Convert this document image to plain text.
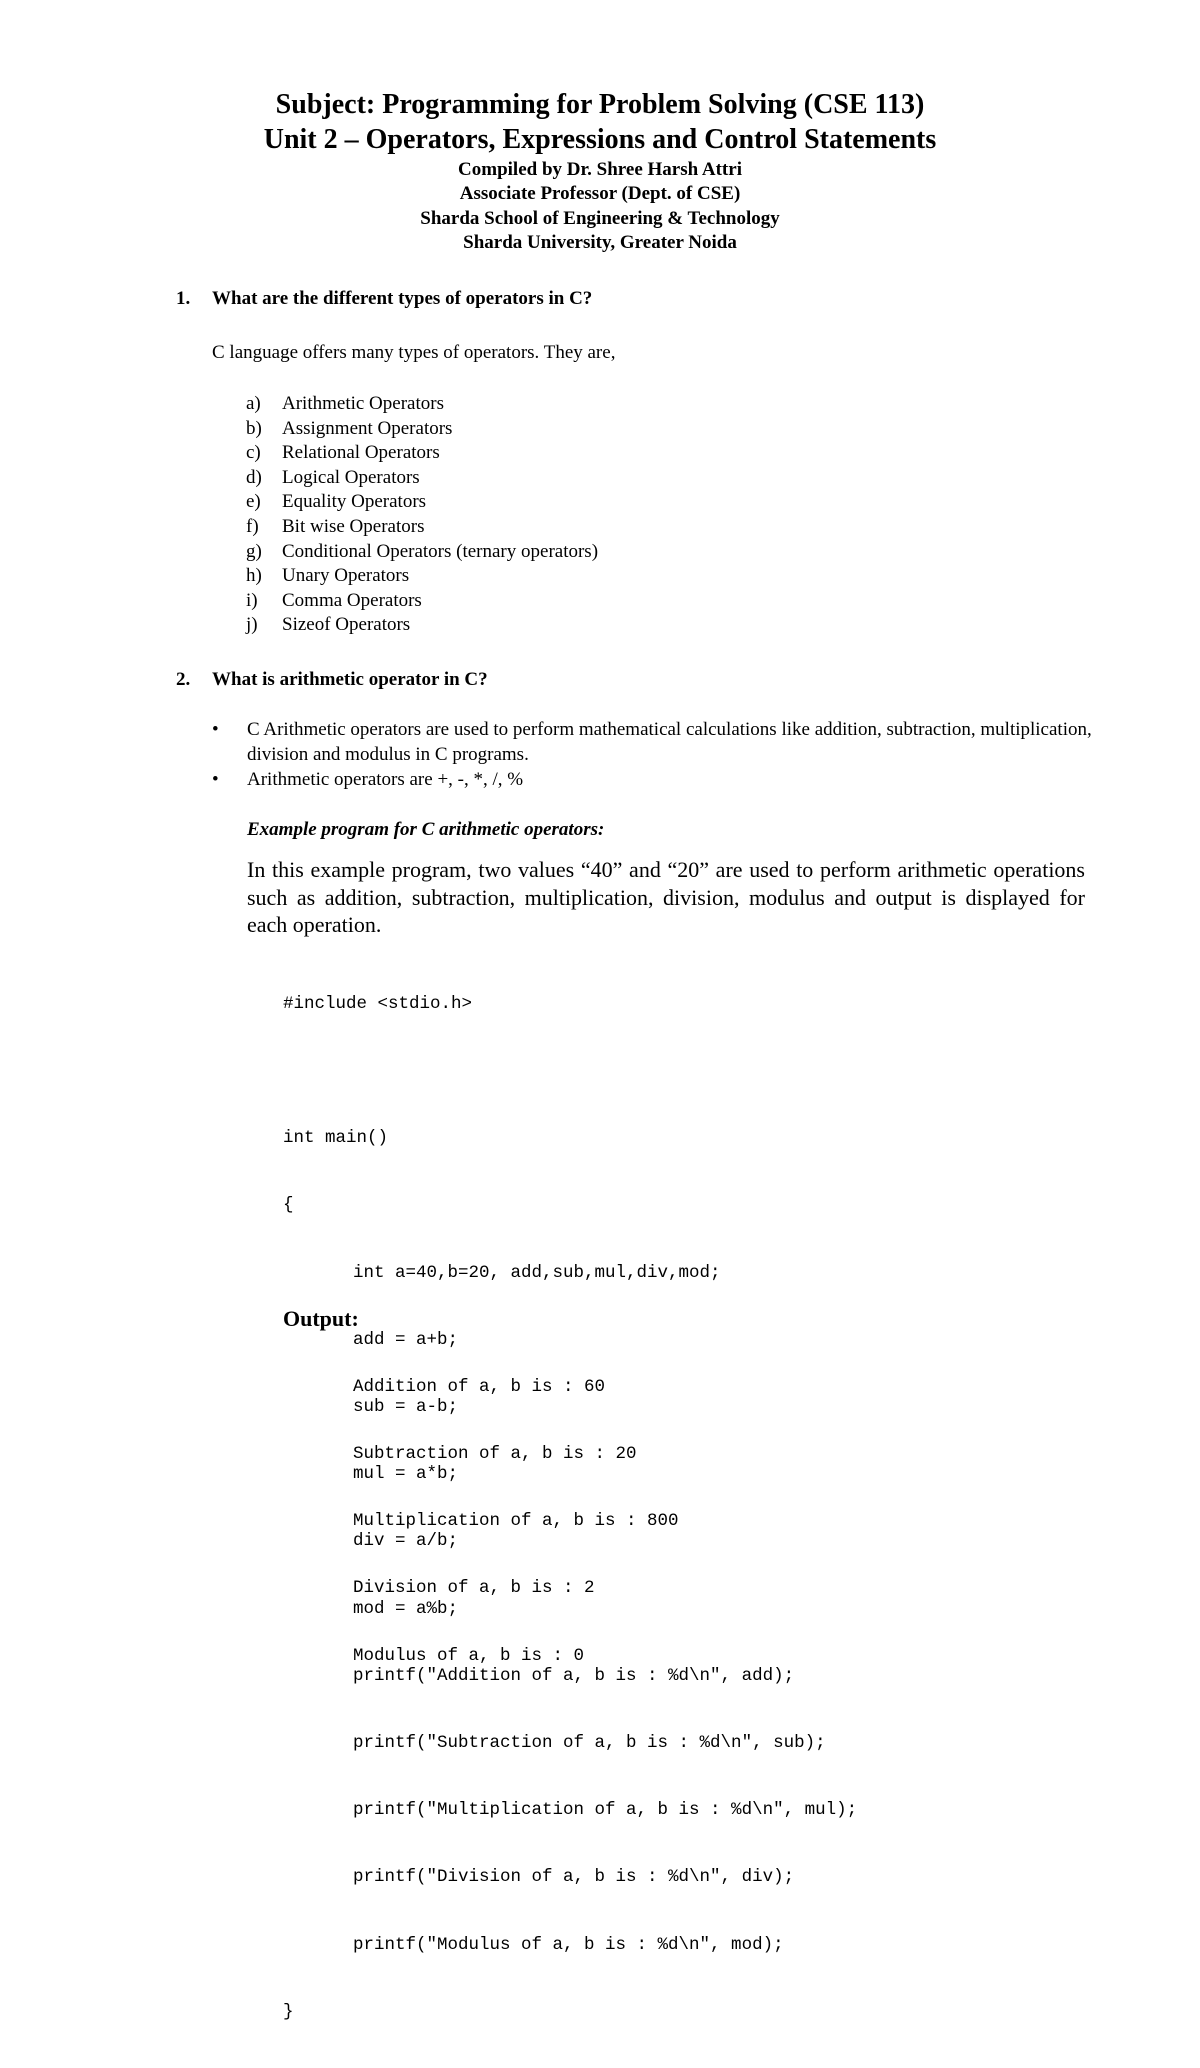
Subject: Programming for Problem Solving (CSE 113)
Unit 2 – Operators, Expressions and Control Statements
Compiled by Dr. Shree Harsh Attri
Associate Professor (Dept. of CSE)
Sharda School of Engineering & Technology
Sharda University, Greater Noida
1. What are the different types of operators in C?
C language offers many types of operators. They are,
a) Arithmetic Operators
b) Assignment Operators
c) Relational Operators
d) Logical Operators
e) Equality Operators
f) Bit wise Operators
g) Conditional Operators (ternary operators)
h) Unary Operators
i) Comma Operators
j) Sizeof Operators
2. What is arithmetic operator in C?
•	C Arithmetic operators are used to perform mathematical calculations like addition, subtraction, multiplication, division and modulus in C programs.
•	Arithmetic operators are +, -, *, /, %
Example program for C arithmetic operators:
In this example program, two values “40” and “20” are used to perform arithmetic operations such as addition, subtraction, multiplication, division, modulus and output is displayed for each operation.

#include <stdio.h>

int main()

{

int a=40,b=20, add,sub,mul,div,mod;

add = a+b;

sub = a-b;

mul = a*b;

div = a/b;

mod = a%b;

printf("Addition of a, b is : %d\n", add);

printf("Subtraction of a, b is : %d\n", sub);

printf("Multiplication of a, b is : %d\n", mul);

printf("Division of a, b is : %d\n", div);

printf("Modulus of a, b is : %d\n", mod);

}

Output:

Addition of a, b is : 60

Subtraction of a, b is : 20

Multiplication of a, b is : 800

Division of a, b is : 2

Modulus of a, b is : 0
